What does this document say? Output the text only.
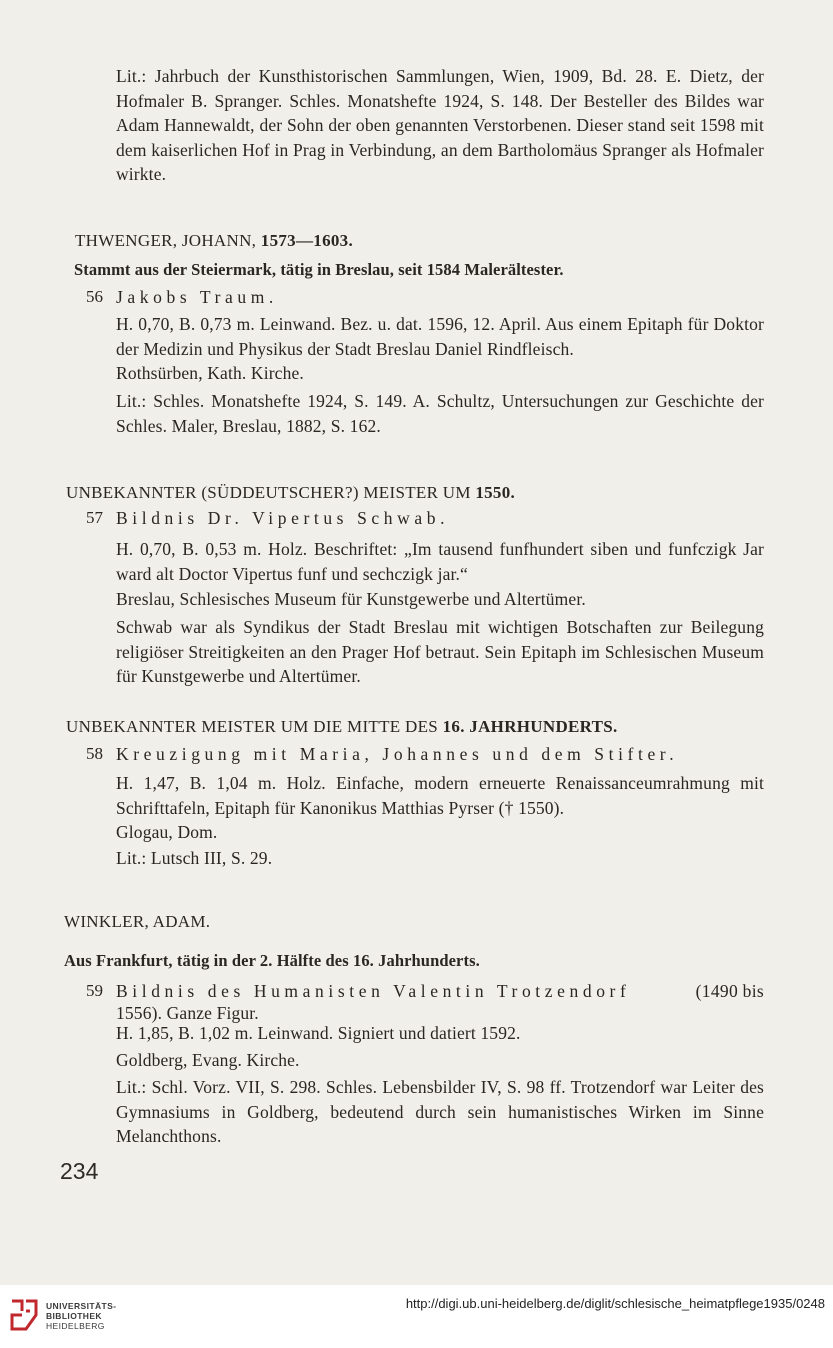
Lit.: Jahrbuch der Kunsthistorischen Sammlungen, Wien, 1909, Bd. 28. E. Dietz, der Hofmaler B. Spranger. Schles. Monatshefte 1924, S. 148. Der Besteller des Bildes war Adam Hannewaldt, der Sohn der oben genannten Verstorbenen. Dieser stand seit 1598 mit dem kaiserlichen Hof in Prag in Verbindung, an dem Bartholomäus Spranger als Hofmaler wirkte.
THWENGER, JOHANN, 1573—1603.
Stammt aus der Steiermark, tätig in Breslau, seit 1584 Malerältester.
56 Jakobs Traum.
H. 0,70, B. 0,73 m. Leinwand. Bez. u. dat. 1596, 12. April. Aus einem Epitaph für Doktor der Medizin und Physikus der Stadt Breslau Daniel Rindfleisch.
Rothsürben, Kath. Kirche.
Lit.: Schles. Monatshefte 1924, S. 149. A. Schultz, Untersuchungen zur Geschichte der Schles. Maler, Breslau, 1882, S. 162.
UNBEKANNTER (SÜDDEUTSCHER?) MEISTER UM 1550.
57 Bildnis Dr. Vipertus Schwab.
H. 0,70, B. 0,53 m. Holz. Beschriftet: „Im tausend funfhundert siben und funfczigk Jar ward alt Doctor Vipertus funf und sechczigk jar.“
Breslau, Schlesisches Museum für Kunstgewerbe und Altertümer.
Schwab war als Syndikus der Stadt Breslau mit wichtigen Botschaften zur Beilegung religiöser Streitigkeiten an den Prager Hof betraut. Sein Epitaph im Schlesischen Museum für Kunstgewerbe und Altertümer.
UNBEKANNTER MEISTER UM DIE MITTE DES 16. JAHRHUNDERTS.
58 Kreuzigung mit Maria, Johannes und dem Stifter.
H. 1,47, B. 1,04 m. Holz. Einfache, modern erneuerte Renaissanceumrahmung mit Schrifttafeln, Epitaph für Kanonikus Matthias Pyrser († 1550).
Glogau, Dom.
Lit.: Lutsch III, S. 29.
WINKLER, ADAM.
Aus Frankfurt, tätig in der 2. Hälfte des 16. Jahrhunderts.
59 Bildnis des Humanisten Valentin Trotzendorf	(1490 bis
1556). Ganze Figur.
H. 1,85, B. 1,02 m. Leinwand. Signiert und datiert 1592.
Goldberg, Evang. Kirche.
Lit.: Schl. Vorz. VII, S. 298. Schles. Lebensbilder IV, S. 98 ff. Trotzendorf war Leiter des Gymnasiums in Goldberg, bedeutend durch sein humanistisches Wirken im Sinne Melanchthons.
234
UNIVERSITÄTS-
BIBLIOTHEK
HEIDELBERG
http://digi.ub.uni-heidelberg.de/diglit/schlesische_heimatpflege1935/0248
